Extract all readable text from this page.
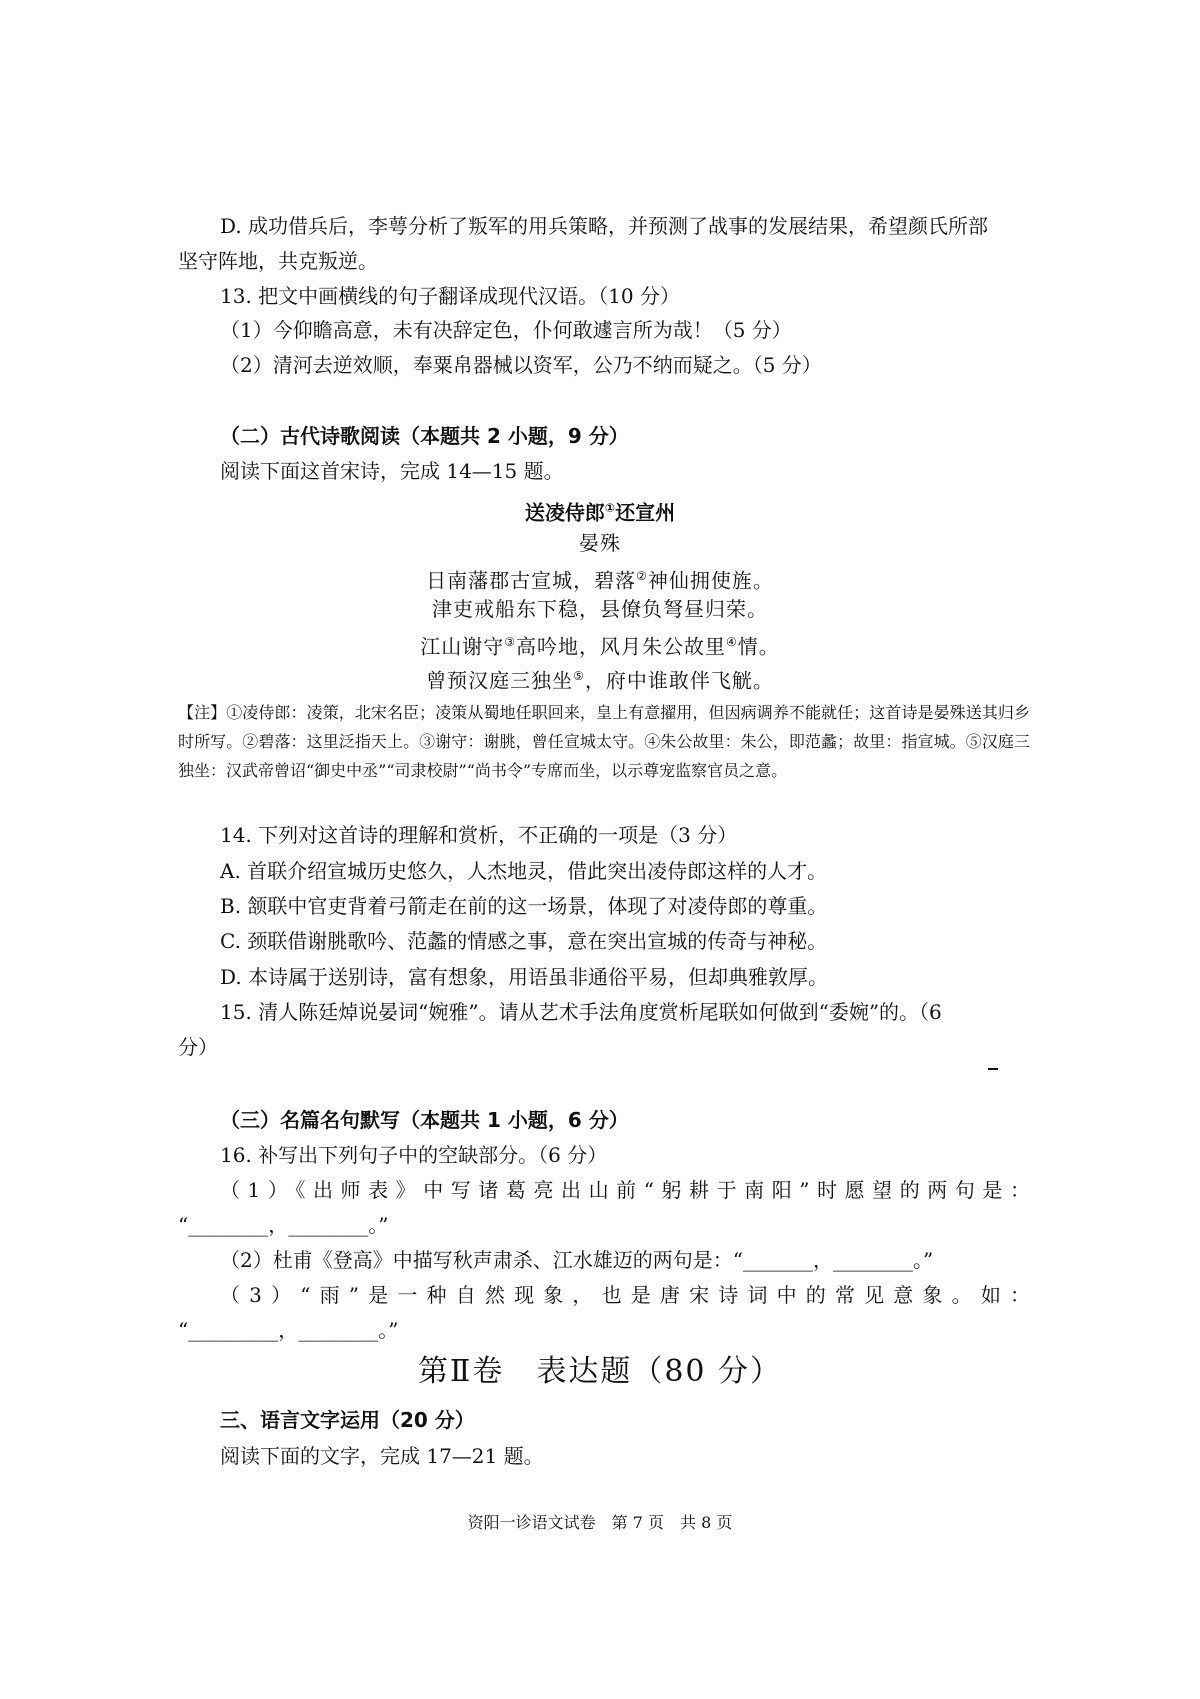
D. 成功借兵后，李萼分析了叛军的用兵策略，并预测了战事的发展结果，希望颜氏所部
坚守阵地，共克叛逆。
13. 把文中画横线的句子翻译成现代汉语。（10 分）
（1）今仰瞻高意，未有决辞定色，仆何敢遽言所为哉！（5 分）
（2）清河去逆效顺，奉粟帛器械以资军，公乃不纳而疑之。（5 分）
（二）古代诗歌阅读（本题共 2 小题，9 分）
阅读下面这首宋诗，完成 14—15 题。
送凌侍郎①还宣州
晏殊
日南藩郡古宣城，碧落②神仙拥使旌。
津吏戒船东下稳，县僚负弩昼归荣。
江山谢守③高吟地，风月朱公故里④情。
曾预汉庭三独坐⑤，府中谁敢伴飞觥。
【注】①凌侍郎：凌策，北宋名臣；凌策从蜀地任职回来，皇上有意擢用，但因病调养不能就任；这首诗是晏殊送其归乡时所写。②碧落：这里泛指天上。③谢守：谢朓，曾任宣城太守。④朱公故里：朱公，即范蠡；故里：指宣城。⑤汉庭三独坐：汉武帝曾诏“御史中丞”“司隶校尉”“尚书令”专席而坐，以示尊宠监察官员之意。
14. 下列对这首诗的理解和赏析，不正确的一项是（3 分）
A. 首联介绍宣城历史悠久，人杰地灵，借此突出凌侍郎这样的人才。
B. 颔联中官吏背着弓箭走在前的这一场景，体现了对凌侍郎的尊重。
C. 颈联借谢朓歌吟、范蠡的情感之事，意在突出宣城的传奇与神秘。
D. 本诗属于送别诗，富有想象，用语虽非通俗平易，但却典雅敦厚。
15. 清人陈廷焯说晏词“婉雅”。请从艺术手法角度赏析尾联如何做到“委婉”的。（6
分）
（三）名篇名句默写（本题共 1 小题，6 分）
16. 补写出下列句子中的空缺部分。（6 分）
（1）《出师表》中写诸葛亮出山前“躬耕于南阳”时愿望的两句是：
“________，________。”
（2）杜甫《登高》中描写秋声肃杀、江水雄迈的两句是：“_______，________。”
（3）“雨”是一种自然现象，也是唐宋诗词中的常见意象。如：
“_________，________。”
第Ⅱ卷　表达题（80 分）
三、语言文字运用（20 分）
阅读下面的文字，完成 17—21 题。
资阳一诊语文试卷　第 7 页　共 8 页
